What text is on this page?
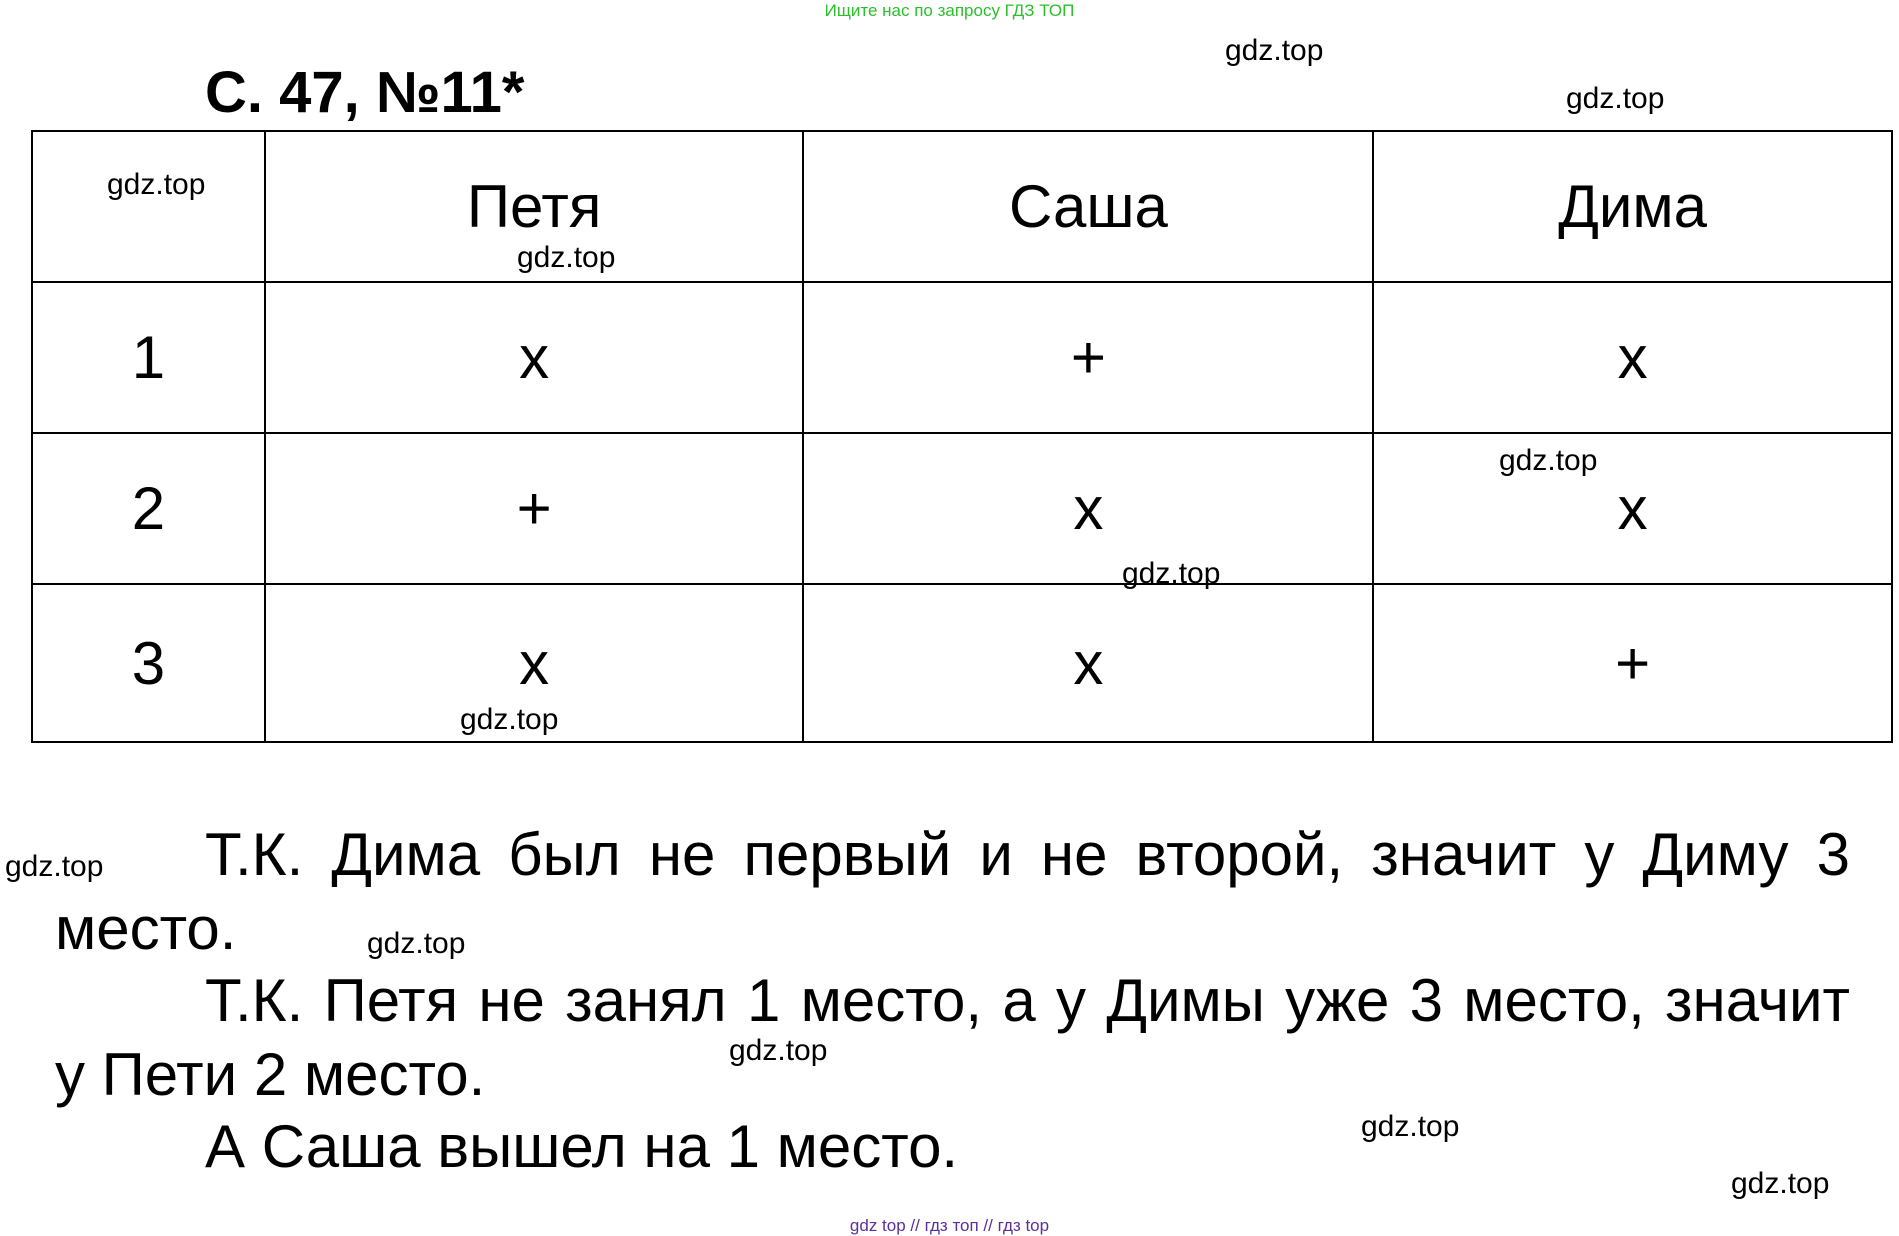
Ищите нас по запросу ГДЗ ТОП
С. 47, №11*
	Петя	Саша	Дима
1	x	+	x
2	+	x	x
3	x	x	+
Т.К. Дима был не первый и не второй, значит у Диму 3 место.
Т.К. Петя не занял 1 место, а у Димы уже 3 место, значит у Пети 2 место.
А Саша вышел на 1 место.
gdz.top
gdz.top
gdz.top
gdz.top
gdz.top
gdz.top
gdz.top
gdz.top
gdz.top
gdz.top
gdz.top
gdz.top
gdz top // гдз топ // гдз top
